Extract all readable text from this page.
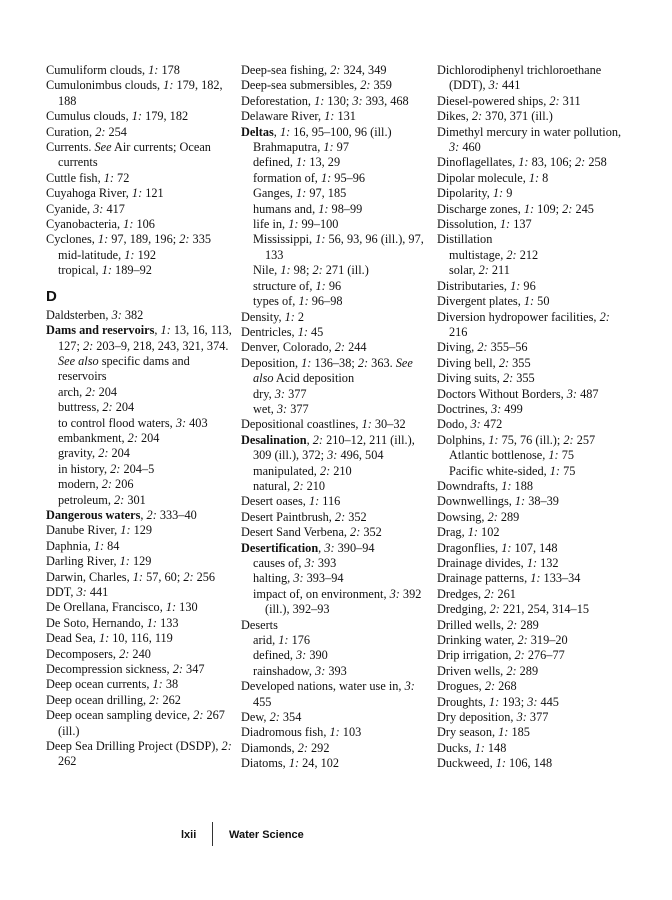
Cumuliform clouds, 1: 178
Cumulonimbus clouds, 1: 179, 182, 188
Cumulus clouds, 1: 179, 182
Curation, 2: 254
Currents. See Air currents; Ocean currents
Cuttle fish, 1: 72
Cuyahoga River, 1: 121
Cyanide, 3: 417
Cyanobacteria, 1: 106
Cyclones, 1: 97, 189, 196; 2: 335
mid-latitude, 1: 192
tropical, 1: 189–92
D
Daldsterben, 3: 382
Dams and reservoirs, 1: 13, 16, 113, 127; 2: 203–9, 218, 243, 321, 374. See also specific dams and reservoirs
arch, 2: 204
buttress, 2: 204
to control flood waters, 3: 403
embankment, 2: 204
gravity, 2: 204
in history, 2: 204–5
modern, 2: 206
petroleum, 2: 301
Dangerous waters, 2: 333–40
Danube River, 1: 129
Daphnia, 1: 84
Darling River, 1: 129
Darwin, Charles, 1: 57, 60; 2: 256
DDT, 3: 441
De Orellana, Francisco, 1: 130
De Soto, Hernando, 1: 133
Dead Sea, 1: 10, 116, 119
Decomposers, 2: 240
Decompression sickness, 2: 347
Deep ocean currents, 1: 38
Deep ocean drilling, 2: 262
Deep ocean sampling device, 2: 267 (ill.)
Deep Sea Drilling Project (DSDP), 2: 262
Deep-sea fishing, 2: 324, 349
Deep-sea submersibles, 2: 359
Deforestation, 1: 130; 3: 393, 468
Delaware River, 1: 131
Deltas, 1: 16, 95–100, 96 (ill.)
Brahmaputra, 1: 97
defined, 1: 13, 29
formation of, 1: 95–96
Ganges, 1: 97, 185
humans and, 1: 98–99
life in, 1: 99–100
Mississippi, 1: 56, 93, 96 (ill.), 97, 133
Nile, 1: 98; 2: 271 (ill.)
structure of, 1: 96
types of, 1: 96–98
Density, 1: 2
Dentricles, 1: 45
Denver, Colorado, 2: 244
Deposition, 1: 136–38; 2: 363. See also Acid deposition
dry, 3: 377
wet, 3: 377
Depositional coastlines, 1: 30–32
Desalination, 2: 210–12, 211 (ill.), 309 (ill.), 372; 3: 496, 504
manipulated, 2: 210
natural, 2: 210
Desert oases, 1: 116
Desert Paintbrush, 2: 352
Desert Sand Verbena, 2: 352
Desertification, 3: 390–94
causes of, 3: 393
halting, 3: 393–94
impact of, on environment, 3: 392 (ill.), 392–93
Deserts
arid, 1: 176
defined, 3: 390
rainshadow, 3: 393
Developed nations, water use in, 3: 455
Dew, 2: 354
Diadromous fish, 1: 103
Diamonds, 2: 292
Diatoms, 1: 24, 102
Dichlorodiphenyl trichloroethane (DDT), 3: 441
Diesel-powered ships, 2: 311
Dikes, 2: 370, 371 (ill.)
Dimethyl mercury in water pollution, 3: 460
Dinoflagellates, 1: 83, 106; 2: 258
Dipolar molecule, 1: 8
Dipolarity, 1: 9
Discharge zones, 1: 109; 2: 245
Dissolution, 1: 137
Distillation
multistage, 2: 212
solar, 2: 211
Distributaries, 1: 96
Divergent plates, 1: 50
Diversion hydropower facilities, 2: 216
Diving, 2: 355–56
Diving bell, 2: 355
Diving suits, 2: 355
Doctors Without Borders, 3: 487
Doctrines, 3: 499
Dodo, 3: 472
Dolphins, 1: 75, 76 (ill.); 2: 257
Atlantic bottlenose, 1: 75
Pacific white-sided, 1: 75
Downdrafts, 1: 188
Downwellings, 1: 38–39
Dowsing, 2: 289
Drag, 1: 102
Dragonflies, 1: 107, 148
Drainage divides, 1: 132
Drainage patterns, 1: 133–34
Dredges, 2: 261
Dredging, 2: 221, 254, 314–15
Drilled wells, 2: 289
Drinking water, 2: 319–20
Drip irrigation, 2: 276–77
Driven wells, 2: 289
Drogues, 2: 268
Droughts, 1: 193; 3: 445
Dry deposition, 3: 377
Dry season, 1: 185
Ducks, 1: 148
Duckweed, 1: 106, 148
lxii	Water Science
